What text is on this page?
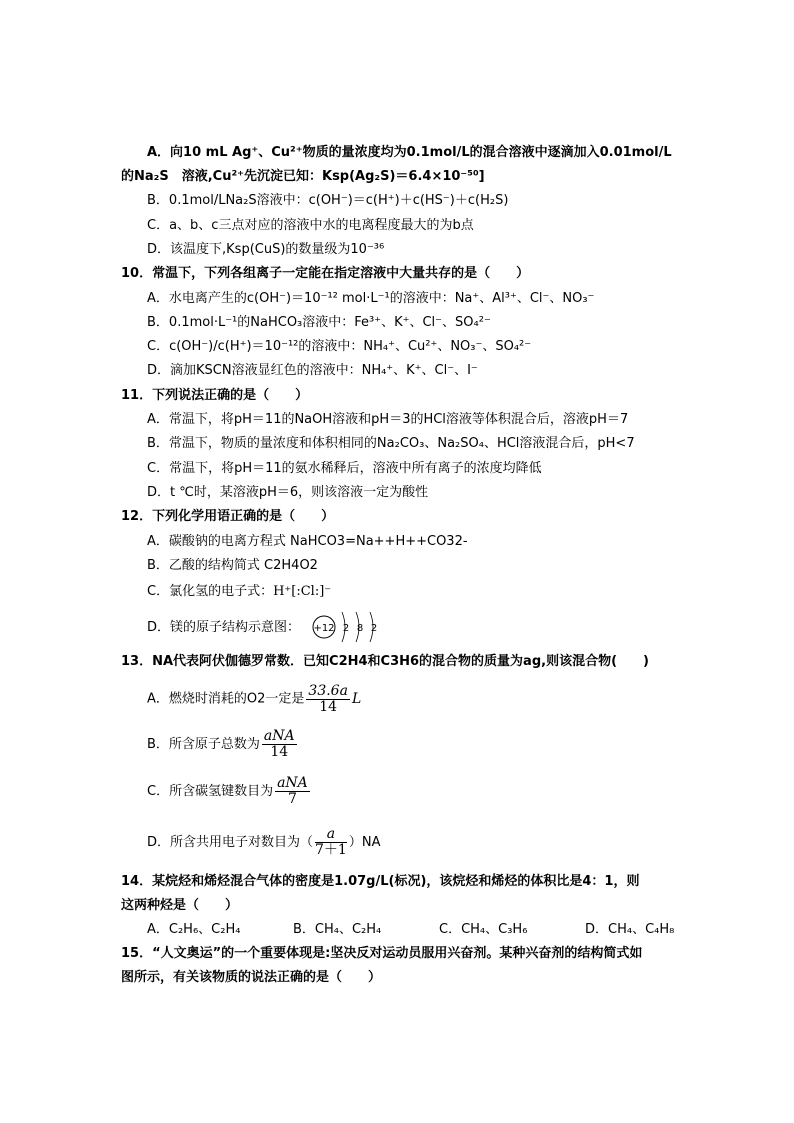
A．向10 mL Ag⁺、Cu²⁺物质的量浓度均为0.1mol/L的混合溶液中逐滴加入0.01mol/L
的Na₂S　溶液,Cu²⁺先沉淀已知：Ksp(Ag₂S)＝6.4×10⁻⁵⁰]
B．0.1mol/LNa₂S溶液中：c(OH⁻)＝c(H⁺)＋c(HS⁻)＋c(H₂S)
C．a、b、c三点对应的溶液中水的电离程度最大的为b点
D．该温度下,Ksp(CuS)的数量级为10⁻³⁶
10．常温下，下列各组离子一定能在指定溶液中大量共存的是（　　）
A．水电离产生的c(OH⁻)＝10⁻¹² mol·L⁻¹的溶液中：Na⁺、Al³⁺、Cl⁻、NO₃⁻
B．0.1mol·L⁻¹的NaHCO₃溶液中：Fe³⁺、K⁺、Cl⁻、SO₄²⁻
C．c(OH⁻)/c(H⁺)＝10⁻¹²的溶液中：NH₄⁺、Cu²⁺、NO₃⁻、SO₄²⁻
D．滴加KSCN溶液显红色的溶液中：NH₄⁺、K⁺、Cl⁻、I⁻
11．下列说法正确的是（　　）
A．常温下，将pH＝11的NaOH溶液和pH＝3的HCl溶液等体积混合后，溶液pH＝7
B．常温下，物质的量浓度和体积相同的Na₂CO₃、Na₂SO₄、HCl溶液混合后，pH<7
C．常温下，将pH＝11的氨水稀释后，溶液中所有离子的浓度均降低
D．t ℃时，某溶液pH＝6，则该溶液一定为酸性
12．下列化学用语正确的是（　　）
A．碳酸钠的电离方程式 NaHCO3=Na++H++CO32-
B．乙酸的结构简式 C2H4O2
C．氯化氢的电子式：H⁺[:Cl:]⁻
D．镁的原子结构示意图： +12 2 8 2
13．NA代表阿伏伽德罗常数．已知C2H4和C3H6的混合物的质量为ag,则该混合物(　　)
A．燃烧时消耗的O2一定是 $\frac{33.6a}{14}$ L
B．所含原子总数为 $\frac{\text{aNA}}{14}$
C．所含碳氢键数目为 $\frac{\text{aNA}}{7}$
D．所含共用电子对数目为（ $\frac{a}{7+1} )NA$
14．某烷烃和烯烃混合气体的密度是1.07g/L(标况)，该烷烃和烯烃的体积比是4：1，则
这两种烃是（　　）
A．C₂H₆、C₂H₄	B．CH₄、C₂H₄	C．CH₄、C₃H₆	D．CH₄、C₄H₈
15．“人文奥运”的一个重要体现是:坚决反对运动员服用兴奋剂。某种兴奋剂的结构简式如
图所示，有关该物质的说法正确的是（　　）
